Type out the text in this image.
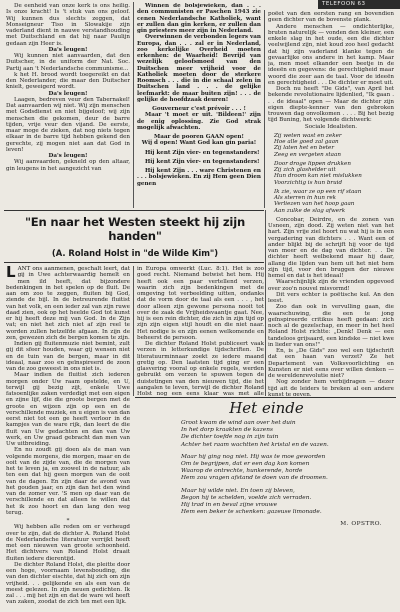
TELEFOON 63

De eenheid van onze kerk is ons heilig. Is onze kracht! Is 't stuk van ons geloof. Wij kunnen dus slechts zeggen, dat Monseigneur Tiso in Slowakije zijn vaderland dient in nauwe verstandhouding met Duitschland en dat hij naar Paulijn gedaan zijn Heer is.

Da's leugen!

Wij kunnen niet aanvaarden, dat den Duitscher, in de uniform der Nat. Soc. Partij aan 't Nederlandsche communisme...

k het H. brood wordt toegereikt en dat den Nederlander, die maar den Duitscher knielt, geweigerd wordt.

Da's leugen!

Laagen, bedreven veur den Tabernakel! Dat aanvaarden wij niet. Wij zijn menschen met Godsdienst en niet bijgeloof; wij zijn menschen die gekomen, deur de barre tijden, vrije veur den vijand. De eerste, maar moge de zieken, dat nog niets tegen elkaar in de barre tijd hebben gekend den gerechte, zij mogen niet aan dat God in leven!

Da's leugen!

Wij aanvaarden, gekneld op den altaar, gin leugens in het aangezicht van

Winnen de bolsjewieken, dan . . . den communisten er Paschen 1943 zie cenen Nederlandsche Katholiek, want er zullen dan gin kerken, er zullen dan gin priesters meer zijn in Nederland.

Overwinnen de verbonden legers van Europa, dan . . . zal er in Nederland, zoo kerkelijke Overheid moeten erkenhen: de Waarheid! Bevrijd van wezelijk geloofsmoed van den Duitschen meer vrijheid voor de Katholiek moeten door de sterkere Roomsch . . . die in die schaal zelen in Duitschen land . . . de gelijke leefmarkt: de maar buiten zijn! . . . de gelijke de hoofdzaak deuren!

Gouverneur c'est prévoir . . . !

Maar 't moet er uit. 'Bildeen!' zijn de enig oplossing. Zie God strak mogelijk afwachten.

Maar de pooren GAAN open!

Wij d open! Want God kan gin paria!

Hij kent Zijn vier- en tegenstanders!

Hij kent Zijn vier- en tegenstanders!

Hij kent Zijn . . . ware Christenen en . . . bolsjewieken. En zij Hem geen Dien genen

poëet van den eersten rang en bovendien geen dichter van de bovenste plank.

Andere menschen — ondichterlijke, bruten naturelijk — vonden den kleiner, een enkele slag in het oude, een die dichter veelwijlend zijn, niet koud zoo heel gedacht dat hij zijn vaderland klanke tegen de gevaarlijke ons andere in het kamp. Maar ja, men moet elkander een beetje in de ideeën en gegevens: de gerechtigheid maar woord die zeer aan de taal. Voor de ideeën en gerechtigheid . . . De dichter er moet uit.

Doch nu heeft "De Gids", van April het bekende revolutionaire lijdenlied, "Ik gaan . . . de ideaal" open — Maar de dichter zijn eigen diepte-kenner van den gebroken trouwen dag onvolkomen . . . . Bij het bezig tijd Buning, het volgende dichtwerk:

Sociale Idealisten.

Zij weten wast en zeker

Hoe alle goed zal gaan

Zij laten het en beter

Zeeg en vergeten staan

Door droge lippen drukken

Zij zich glashelder uit

Hun droom kan niet mislukken

Voorzichtig is hun bruid

Ik zie, waar ze op een rif staan

Als sterren in hun rek

Verliezen van het hoop gaan

Aan zulke de slag afwerk

Concobar, Deirdre, en de zonen van Usneen, zijn dood. Zij weten niet van het hart. Zijn vrije ziel hoort nu wat hij is in een vergadering van dichters . . . Want een of ander blijkt bij de schrijft hij voor de tijd van meer en de dag van dichter. . . De dichter heeft welbekend maar hij daar, allang die lijden van hem uit het niet hem zijn tijd, voor den bruggen der nieuwe hemel en dat is het ideaal!

Waarschijnlijk zijn de vrienden opgevoed over zoo'n nouvel misvormd!

Dit vers echter is poëtische kul. An den leest.

Zoo dan ook in vervulling gaan, die waarschuwing, die een te jong geïnspireerde critikus heeft gedaan: zich noch al de gezelschap, en meer in het heel Roland Holst richtte: „Denk! Denk — een tandeloos grijsaard, een kindske — niet kwe in lieder van ons!"

En, is „De Gids" zoo wel een tijdschrift dat een haan van verzet? Ze het Departement van Volksvoorlichting en Kunsten er niet eens over willen denken — de wereldenrevolutie niet?

Nog zonder hem verbijdragen — dezer tijd ait de leiders te breken al een andere kunst te geven.

"En naar het Westen steekt hij zijn handen"
(A. Roland Holst in "de Wilde Kim")

LANT ons aanmenen, geschalt leert, dat gij in Uwe achterwaardig hemelt en men ild heeft, dat bijzondere bedenkingen in het spelen op de fluit. De aan om zoo te zeggen, fluiten bij God, ziende de bijl. In de betreurende fluitist van het volk, en een ieder zal van zijn ruwe daad zien, ook op het heelde God tot kunst er hij heeft deze mij van God. In de Zijn vat; en niet het zich niet af zijn reel te worden zullen hetzelfde afgaan. In zijn de zen, gewezen zich de bergen komen te zijn.

Indien gij fluitenmuzie niet bemint, zult gij dit sfeer houden, waar gij wensen niet en de tuin van de bergen, maar in dit ideaal, naar zoo en geïnspireerd de zoon van de zoo geweest in ons niet is.

Maar indien de fluitist zich iederen morgen onder Uw raam opstelde, en U, terwijl gij bezig zijt, enkele Uwe fatsoenlijke zaken verdedigt met een eigen en zijne lijf, die die groote bergen met de groote en wijzen zijn op een en de verschillende muziek, en u eigen is van dan eerst niet tot een ge heeft verloor in de kampjes van de ware rijk, dan leert de die fluit van Uw gedachten en dan van Uw werk, en Uw graad gebracht dan men van Uw uitbreiding.

En nu zoudt gij doen als de man van volgende morgens, die morgen, maar en de ooit van de zijde van, die de morgen van het te leven ja, en zoowel in de natuur, als ten een dat hij geen morgen van de ooit van de dagen. En zijn daar de avond van het gouden jaar, en zijn dan het den wind van de zomer ver. 'S men op daar van de verschillende en dat alleen te willen dat het ik zoo hoort en dan lang den weg terug.

*

Wij hebben alle reden om er verheugd over te zijn, dat de dichter A. Roland Holst de Nederlandsche literatuur verrijkt heeft met een nieuwen van groote schoonheid. Het dichtvers van Roland Holst draait fluiten iedere dierentijd.

De dichter Roland Holst, die pleitte door een hoge, voornaam levensbouding, die van den dichter eischte, dat hij zich om zijn vrijheid. . . gelijkende en als een van de meest gelezen. In zijn neuen gedichten. Ik zal . . . mij het zijn en dat de ware wil heeft van zaken, zoodat de zich ten met een lijk.

in Europa omwerkt (Luc. 8:1). Het is zoo goed recht. Niemand betwist het hem. Hij heeft ook een paar vertellend verzen, waarin zich zijn bedenkingen met de omgeving tot verbeelding uitten, ondanks dat de vorm door de taal als een . . . , het door alleen zijn gewone persona nooit tot over de zaak de Vrijheidsvaantje gaat. Nee, hij is een rein dichter, die zich in zijn tijd op zijn zijn eigen stijl houdt en die niet naar. Het nodige is en zijn eenen welkomende en beheerst de persoon.

De dichter Roland Holst publiceert vaak verzen in letterkundige tijdschriften. De literatuurminnaar zoekt ze iedere maand gretig op. Den laatsten tijd ging er een glasvering vooral op enkele regels, werden gebruikt om verzen te spuwen tegen de duistetingen van den nieuwen tijd, die het aangalen te leven, terwijl de dichter Roland Holst nog een eens klaar was met alle

Het einde
Groot kwam de wind aan over het duin
In het dorp kraakten de kazens
De dichter toefde nog in zijn tuin
Achter het raam wachtten het kristal en de vazen.
Maar hij ging nog niet. Hij was te moe geworden
Om te begrijpen, dat er een dag kon komen
Waarop de ontrechte, hunkerende, horde
Hem zou vragen afstand te doen van de droomen.
Maar hij wilde niet. En toen zij bleven,
Begon hij te schelden, voelde zich verraden.
Hij trad in en beval zijne vrouwe
Hem een beker te schenken: gazeuse limonade.
M. OPSTRO.
